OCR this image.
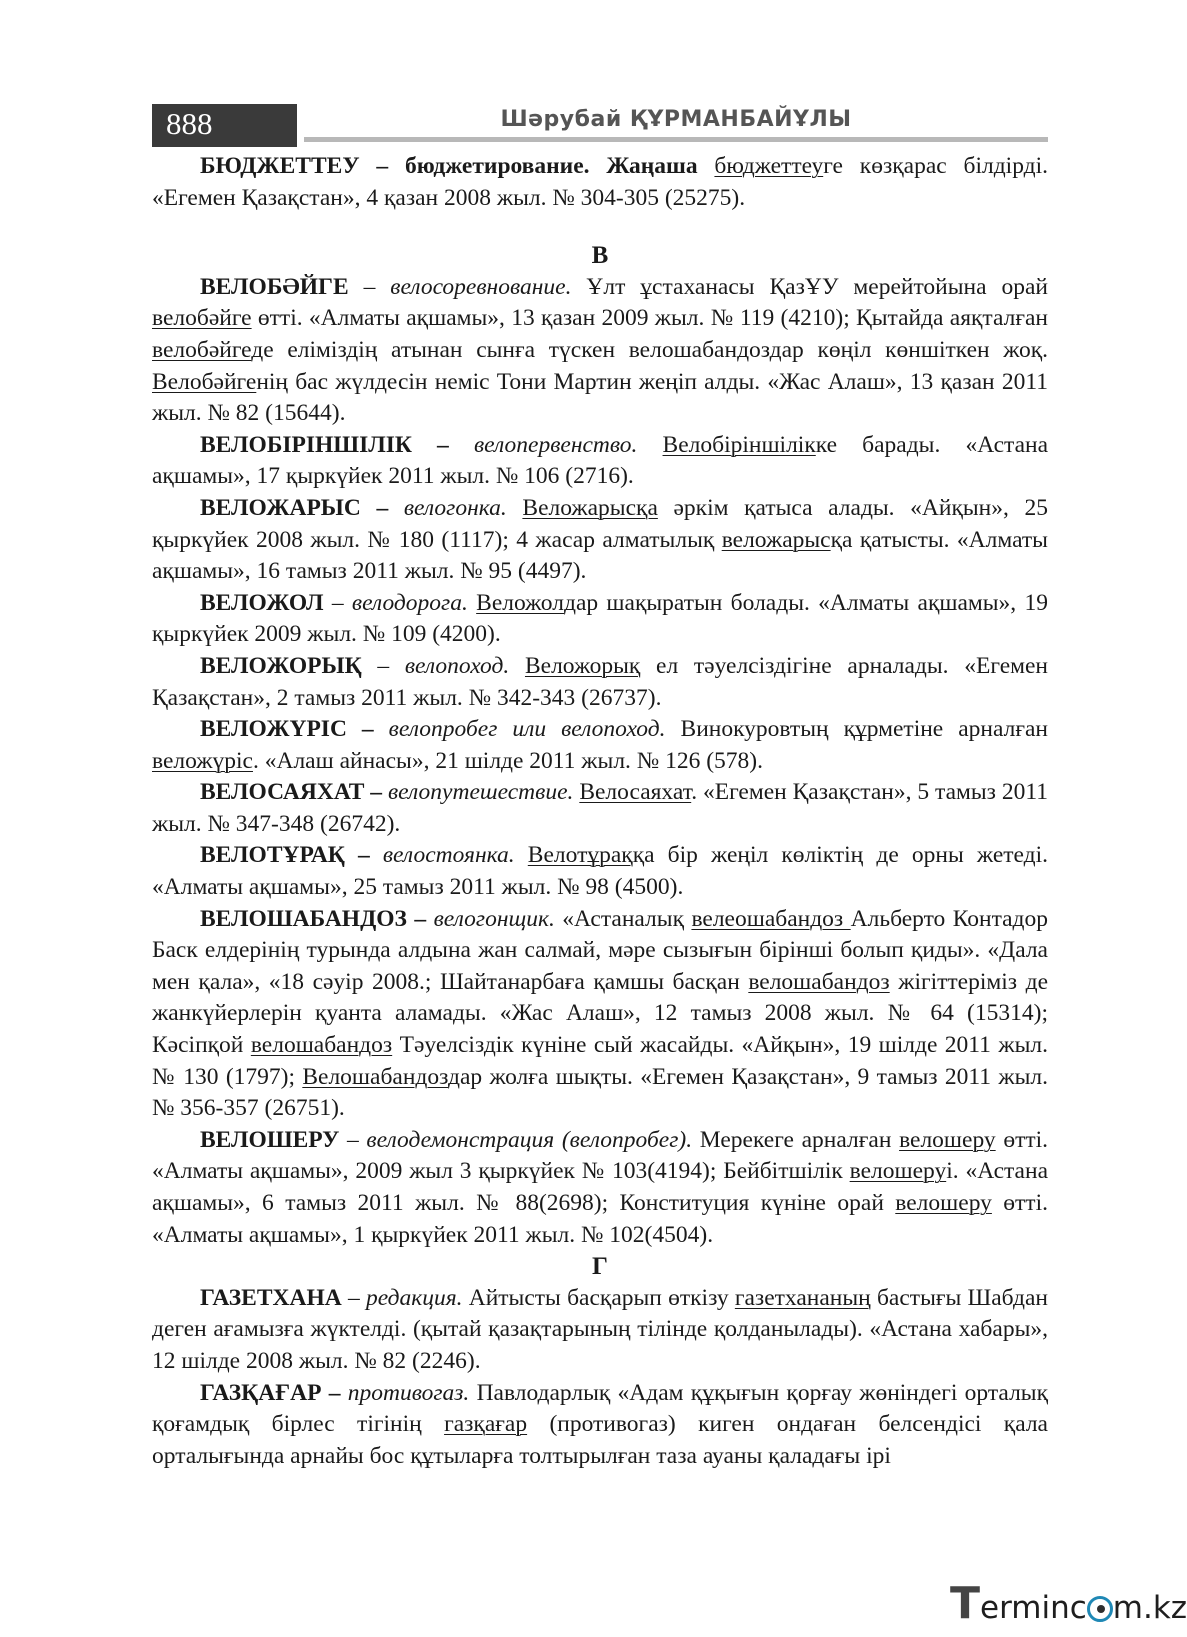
888	Шәрубай ҚҰРМАНБАЙҰЛЫ

БЮДЖЕТТЕУ – бюджетирование. Жаңаша бюджеттеуге көзқарас білдірді. «Егемен Қазақстан», 4 қазан 2008 жыл. № 304-305 (25275).

В

ВЕЛОБӘЙГЕ – велосоревнование. Ұлт ұстаханасы ҚазҰУ мерейтойына орай велобәйге өтті. «Алматы ақшамы», 13 қазан 2009 жыл. № 119 (4210); Қытайда аяқталған велобәйгеде еліміздің атынан сынға түскен велошабандоздар көңіл көншіткен жоқ. Велобәйгенің бас жүлдесін неміс Тони Мартин жеңіп алды. «Жас Алаш», 13 қазан 2011 жыл. № 82 (15644).

ВЕЛОБІРІНШІЛІК – велопервенство. Велобіріншілікке барады. «Астана ақшамы», 17 қыркүйек 2011 жыл. № 106 (2716).

ВЕЛОЖАРЫС – велогонка. Веложарысқа әркім қатыса алады. «Айқын», 25 қыркүйек 2008 жыл. № 180 (1117); 4 жасар алматылық веложарысқа қатысты. «Алматы ақшамы», 16 тамыз 2011 жыл. № 95 (4497).

ВЕЛОЖОЛ – велодорога. Веложолдар шақыратын болады. «Алматы ақшамы», 19 қыркүйек 2009 жыл. № 109 (4200).

ВЕЛОЖОРЫҚ – велопоход. Веложорық ел тәуелсіздігіне арналады. «Егемен Қазақстан», 2 тамыз 2011 жыл. № 342-343 (26737).

ВЕЛОЖҮРІС – велопробег или велопоход. Винокуровтың құрметіне арналған веложүріс. «Алаш айнасы», 21 шілде 2011 жыл. № 126 (578).

ВЕЛОСАЯХАТ – велопутешествие. Велосаяхат. «Егемен Қазақстан», 5 тамыз 2011 жыл. № 347-348 (26742).

ВЕЛОТҰРАҚ – велостоянка. Велотұраққа бір жеңіл көліктің де орны жетеді. «Алматы ақшамы», 25 тамыз 2011 жыл. № 98 (4500).

ВЕЛОШАБАНДОЗ – велогонщик. «Астаналық велеошабандоз Альберто Контадор Баск елдерінің турында алдына жан салмай, мәре сызығын бірінші болып қиды». «Дала мен қала», «18 сәуір 2008.; Шайтанарбаға қамшы басқан велошабандоз жігіттеріміз де жанкүйерлерін қуанта аламады. «Жас Алаш», 12 тамыз 2008 жыл. № 64 (15314); Кәсіпқой велошабандоз Тәуелсіздік күніне сый жасайды. «Айқын», 19 шілде 2011 жыл. № 130 (1797); Велошабандоздар жолға шықты. «Егемен Қазақстан», 9 тамыз 2011 жыл. № 356-357 (26751).

ВЕЛОШЕРУ – велодемонстрация (велопробег). Мерекеге арналған велошеру өтті. «Алматы ақшамы», 2009 жыл 3 қыркүйек № 103(4194); Бейбітшілік велошеруі. «Астана ақшамы», 6 тамыз 2011 жыл. № 88(2698); Конституция күніне орай велошеру өтті. «Алматы ақшамы», 1 қыркүйек 2011 жыл. № 102(4504).

Г

ГАЗЕТХАНА – редакция. Айтысты басқарып өткізу газетхананың бастығы Шабдан деген ағамызға жүктелді. (қытай қазақтарының тілінде қолданылады). «Астана хабары», 12 шілде 2008 жыл. № 82 (2246).

ГАЗҚАҒАР – противогаз. Павлодарлық «Адам құқығын қорғау жөніндегі орталық қоғамдық бірлес тігінің газқағар (противогаз) киген ондаған белсендісі қала орталығында арнайы бос құтыларға толтырылған таза ауаны қаладағы ірі

Terminc m.kz
